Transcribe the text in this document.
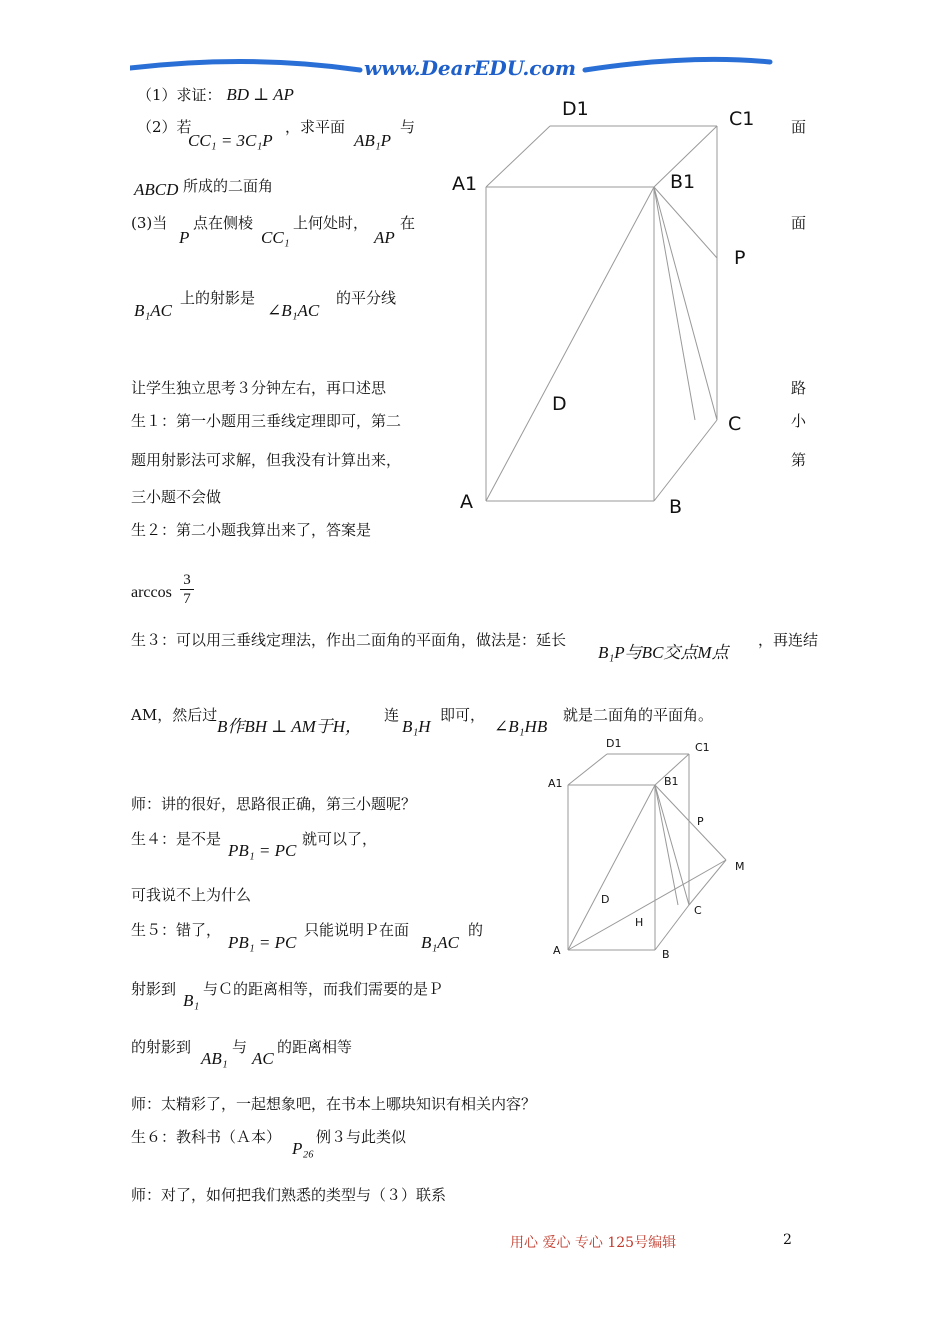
www.DearEDU.com
（1）求证： BD ⊥ AP
（2）若
CC₁ = 3C₁P
，求平面
AB₁P
与	面
ABCD 所成的二面角
(3)当
P
点在侧棱
CC₁
上何处时，
AP
在	面
B₁AC
上的射影是
∠B₁AC
的平分线
让学生独立思考３分钟左右，再口述思	路
生１：第一小题用三垂线定理即可，第二	小
题用射影法可求解，但我没有计算出来，	第
三小题不会做
生２：第二小题我算出来了，答案是
$\arccos \frac{3}{7}$
生３：可以用三垂线定理法，作出二面角的平面角，做法是：延长
B₁P与BC交点M点
，再连结
AM，然后过
B作BH ⊥ AM于H，
连
B₁H
即可，
∠B₁HB
就是二面角的平面角。
师：讲的很好，思路很正确，第三小题呢？
生４：是不是
PB₁ = PC
就可以了，
可我说不上为什么
生５：错了，
PB₁ = PC
只能说明Ｐ在面
B₁AC
的
射影到
B₁
与Ｃ的距离相等，而我们需要的是Ｐ
的射影到
AB₁
与
AC
的距离相等
师：太精彩了，一起想象吧，在书本上哪块知识有相关内容？
生６：教科书（Ａ本）
P₂₆
例３与此类似
师：对了，如何把我们熟悉的类型与（３）联系
D1	C1
A1	B1
P
D
C
A	B
D1	C1
A1	B1
P
M
D
H
C
A	B
用心 爱心 专心 125号编辑	2
